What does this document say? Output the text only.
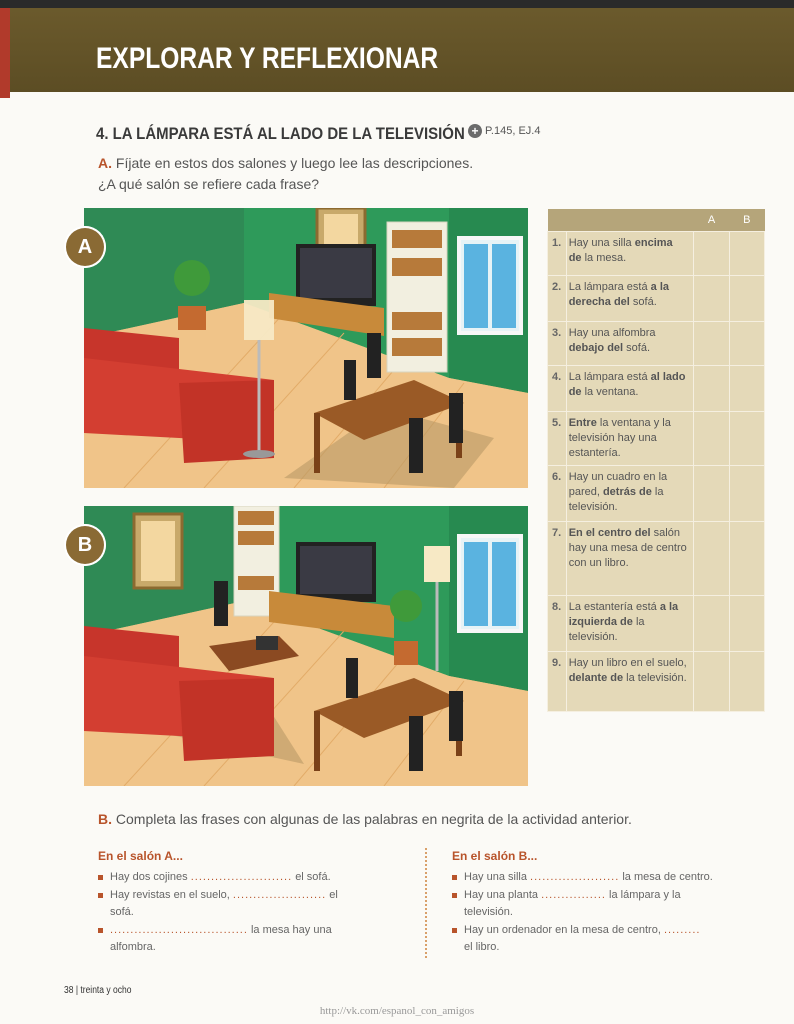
EXPLORAR Y REFLEXIONAR
4. LA LÁMPARA ESTÁ AL LADO DE LA TELEVISIÓN + P.145, EJ.4
A. Fíjate en estos dos salones y luego lee las descripciones.
¿A qué salón se refiere cada frase?
A
B
		A	B
1.	Hay una silla encima de la mesa.		
2.	La lámpara está a la derecha del sofá.		
3.	Hay una alfombra debajo del sofá.		
4.	La lámpara está al lado de la ventana.		
5.	Entre la ventana y la televisión hay una estantería.		
6.	Hay un cuadro en la pared, detrás de la televisión.		
7.	En el centro del salón hay una mesa de centro con un libro.		
8.	La estantería está a la izquierda de la televisión.		
9.	Hay un libro en el suelo, delante de la televisión.		
B. Completa las frases con algunas de las palabras en negrita de la actividad anterior.
En el salón A...
Hay dos cojines ......................... el sofá.
Hay revistas en el suelo, ....................... el
sofá.
.................................. la mesa hay una
alfombra.
En el salón B...
Hay una silla ...................... la mesa de centro.
Hay una planta ................ la lámpara y la
televisión.
Hay un ordenador en la mesa de centro, .........
el libro.
38 | treinta y ocho
http://vk.com/espanol_con_amigos
